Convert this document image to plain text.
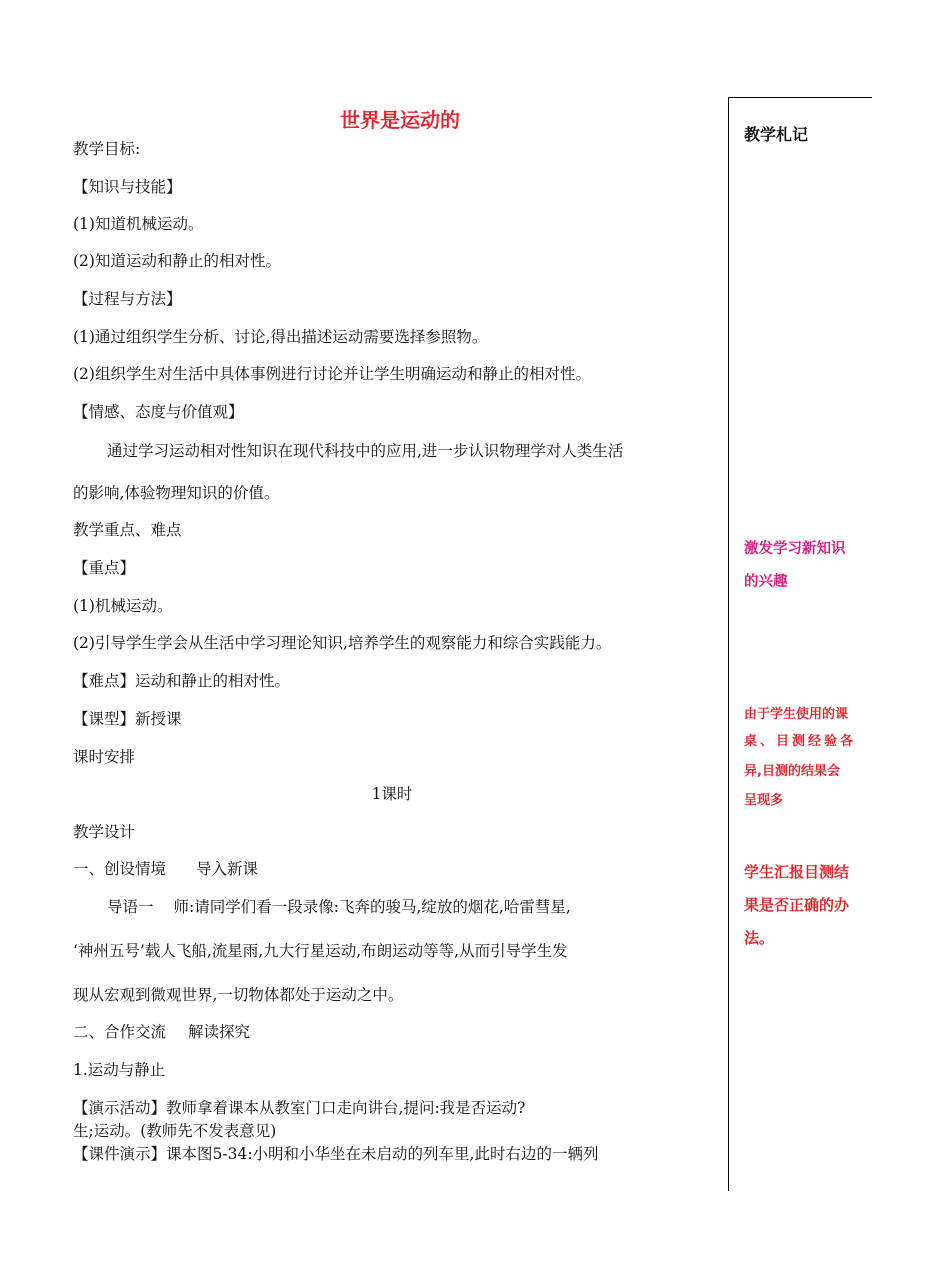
世界是运动的
教学目标:
【知识与技能】
(1)知道机械运动。
(2)知道运动和静止的相对性。
【过程与方法】
(1)通过组织学生分析、讨论,得出描述运动需要选择参照物。
(2)组织学生对生活中具体事例进行讨论并让学生明确运动和静止的相对性。
【情感、态度与价值观】
通过学习运动相对性知识在现代科技中的应用,进一步认识物理学对人类生活
的影响,体验物理知识的价值。
教学重点、难点
【重点】
(1)机械运动。
(2)引导学生学会从生活中学习理论知识,培养学生的观察能力和综合实践能力。
【难点】运动和静止的相对性。
【课型】新授课
课时安排
1课时
教学设计
一、创设情境 导入新课
导语一 师:请同学们看一段录像:飞奔的骏马,绽放的烟花,哈雷彗星,
‘神州五号’载人飞船,流星雨,九大行星运动,布朗运动等等,从而引导学生发
现从宏观到微观世界,一切物体都处于运动之中。
二、合作交流 解读探究
1.运动与静止
【演示活动】教师拿着课本从教室门口走向讲台,提问:我是否运动?
生;运动。(教师先不发表意见)
【课件演示】课本图5-34:小明和小华坐在未启动的列车里,此时右边的一辆列
教学札记
激发学习新知识
的兴趣
由于学生使用的课
桌、目测经验各
异,目测的结果会
呈现多
学生汇报目测结
果是否正确的办
法。
